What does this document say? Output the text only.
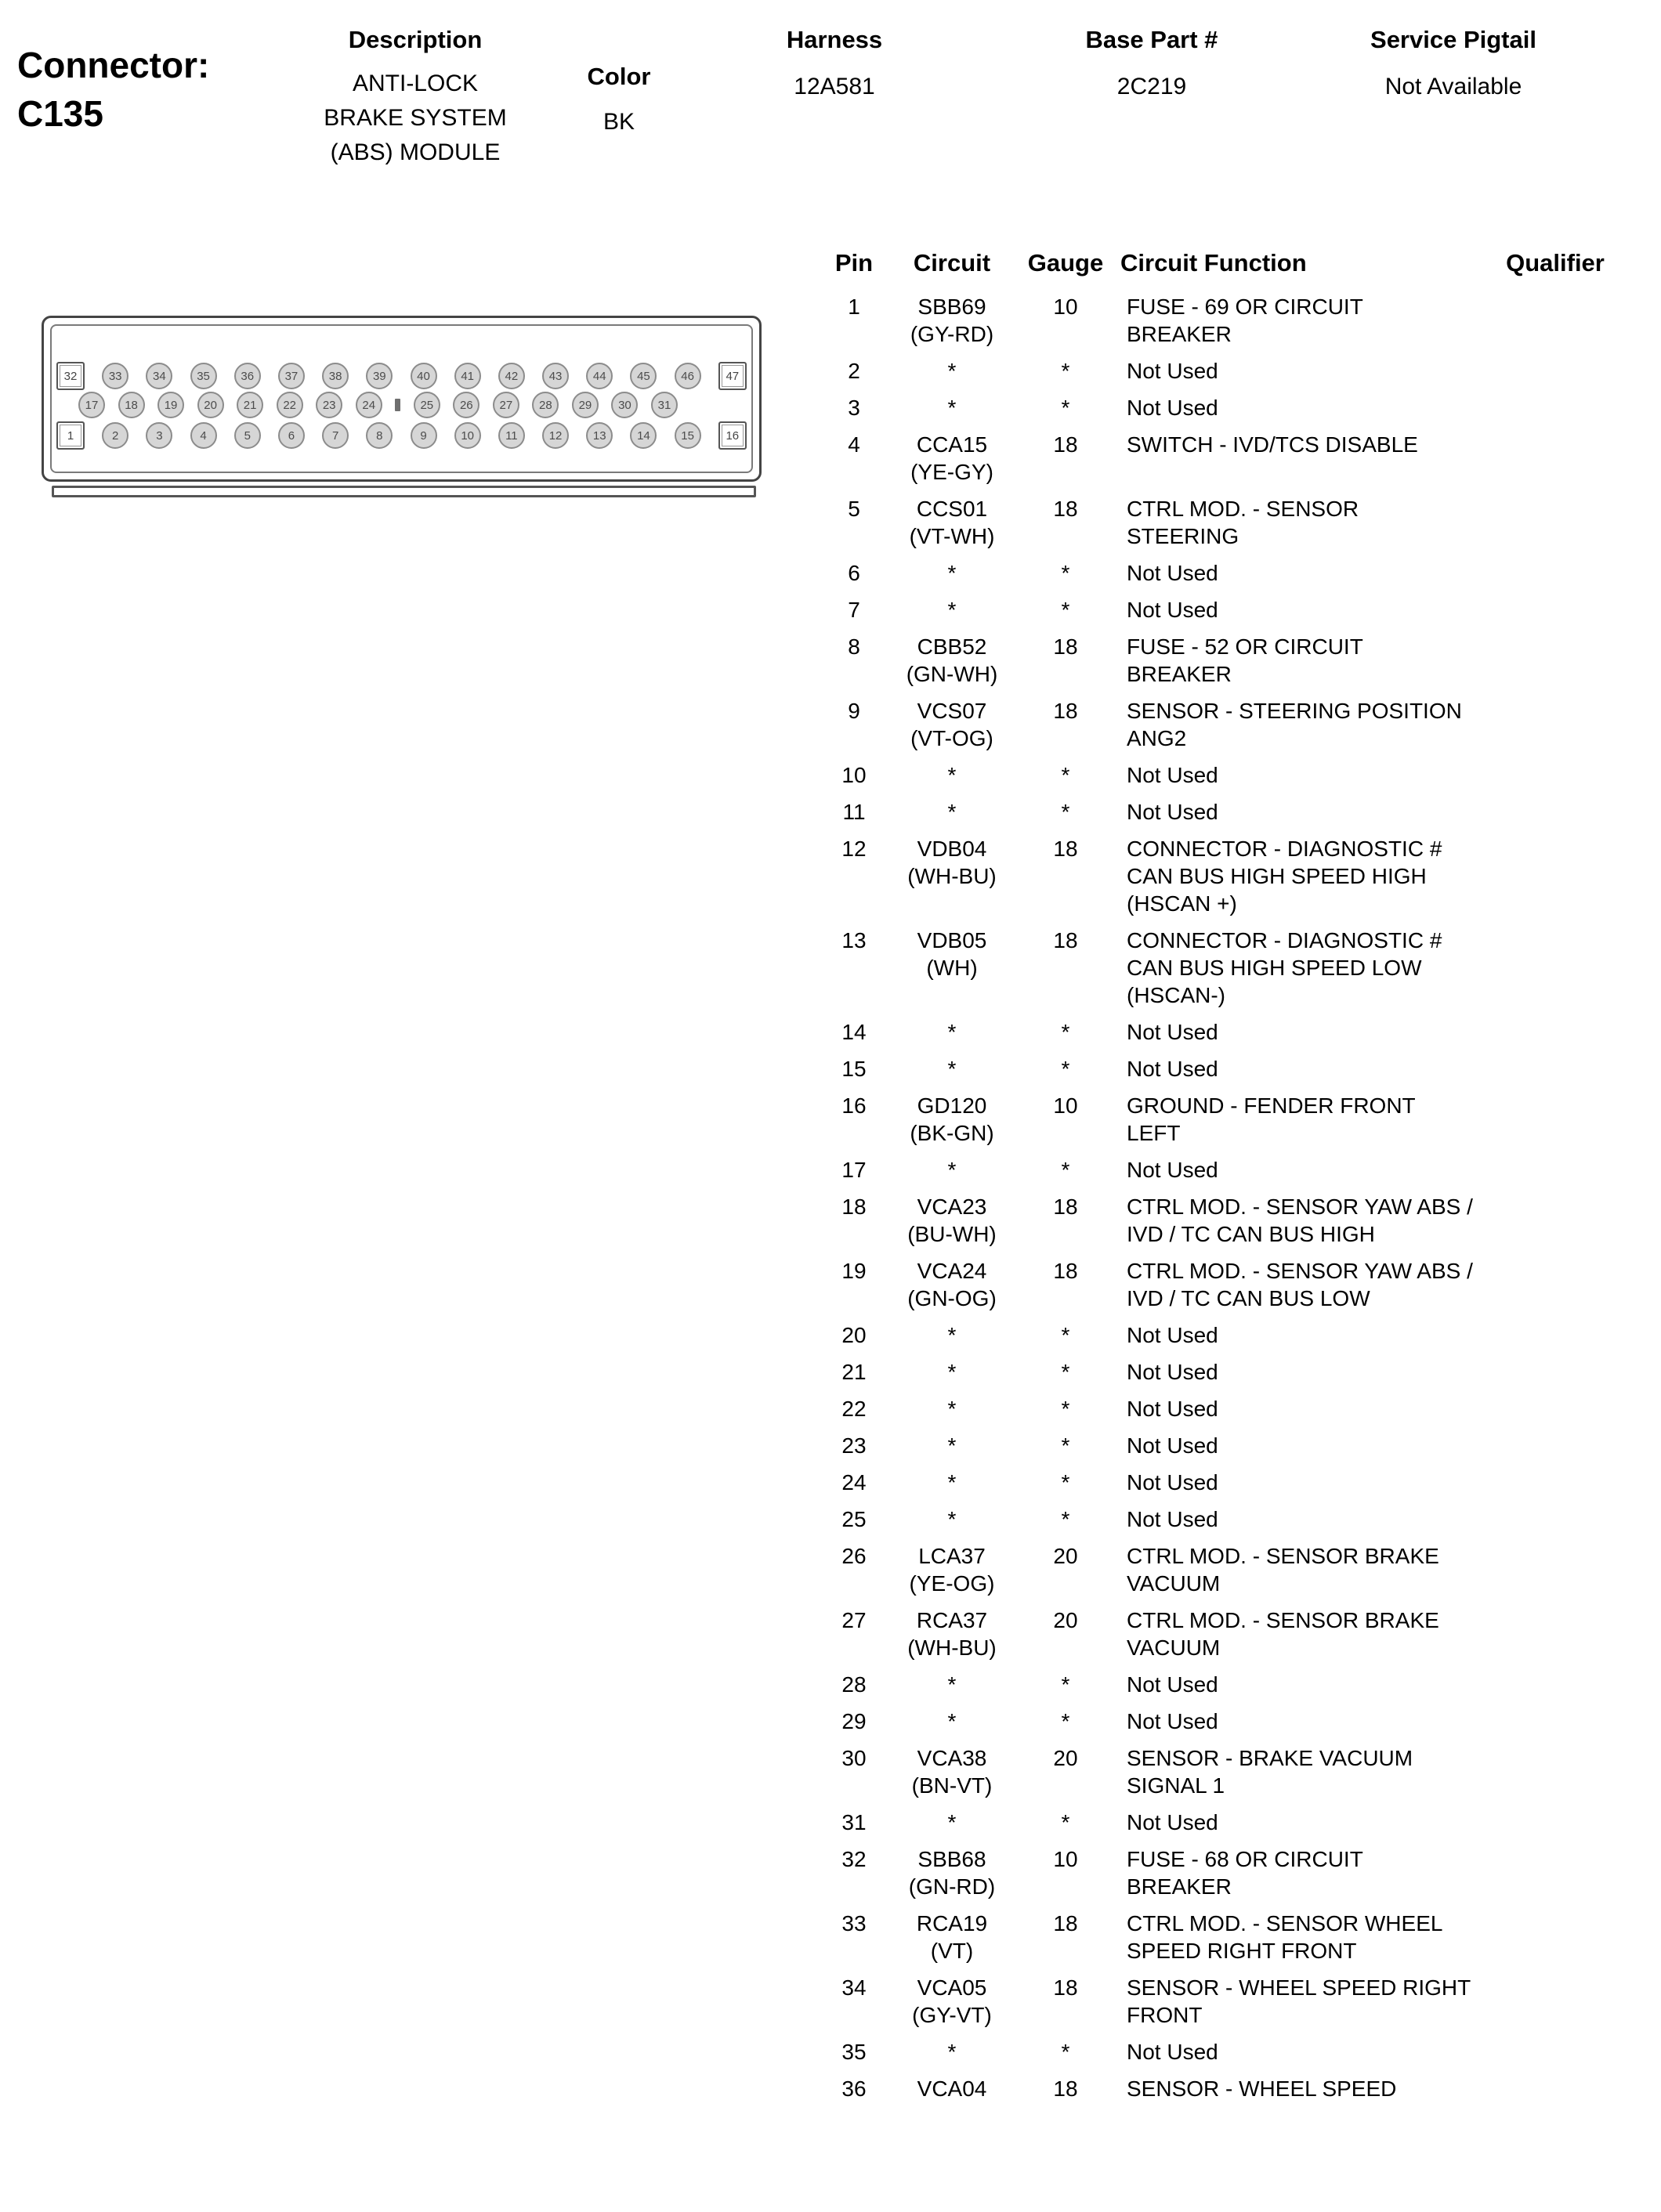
Connector:
C135
Description
ANTI-LOCK
BRAKE SYSTEM
(ABS) MODULE
Color
BK
Harness
12A581
Base Part #
2C219
Service Pigtail
Not Available
32	33	34	35	36	37	38	39	40	41	42	43	44	45	46	47
17	18	19	20	21	22	23	24	25	26	27	28	29	30	31
1	2	3	4	5	6	7	8	9	10	11	12	13	14	15	16
Pin	Circuit	Gauge	Circuit Function	Qualifier
1	SBB69
(GY-RD)	10	FUSE - 69 OR CIRCUIT BREAKER	
2	*	*	Not Used	
3	*	*	Not Used	
4	CCA15
(YE-GY)	18	SWITCH - IVD/TCS DISABLE	
5	CCS01
(VT-WH)	18	CTRL MOD. - SENSOR STEERING	
6	*	*	Not Used	
7	*	*	Not Used	
8	CBB52
(GN-WH)	18	FUSE - 52 OR CIRCUIT BREAKER	
9	VCS07
(VT-OG)	18	SENSOR - STEERING POSITION ANG2	
10	*	*	Not Used	
11	*	*	Not Used	
12	VDB04
(WH-BU)	18	CONNECTOR - DIAGNOSTIC # CAN BUS HIGH SPEED HIGH (HSCAN +)	
13	VDB05
(WH)	18	CONNECTOR - DIAGNOSTIC # CAN BUS HIGH SPEED LOW (HSCAN-)	
14	*	*	Not Used	
15	*	*	Not Used	
16	GD120
(BK-GN)	10	GROUND - FENDER FRONT LEFT	
17	*	*	Not Used	
18	VCA23
(BU-WH)	18	CTRL MOD. - SENSOR YAW ABS / IVD / TC CAN BUS HIGH	
19	VCA24
(GN-OG)	18	CTRL MOD. - SENSOR YAW ABS / IVD / TC CAN BUS LOW	
20	*	*	Not Used	
21	*	*	Not Used	
22	*	*	Not Used	
23	*	*	Not Used	
24	*	*	Not Used	
25	*	*	Not Used	
26	LCA37
(YE-OG)	20	CTRL MOD. - SENSOR BRAKE VACUUM	
27	RCA37
(WH-BU)	20	CTRL MOD. - SENSOR BRAKE VACUUM	
28	*	*	Not Used	
29	*	*	Not Used	
30	VCA38
(BN-VT)	20	SENSOR - BRAKE VACUUM SIGNAL 1	
31	*	*	Not Used	
32	SBB68
(GN-RD)	10	FUSE - 68 OR CIRCUIT BREAKER	
33	RCA19
(VT)	18	CTRL MOD. - SENSOR WHEEL SPEED RIGHT FRONT	
34	VCA05
(GY-VT)	18	SENSOR - WHEEL SPEED RIGHT FRONT	
35	*	*	Not Used	
36	VCA04	18	SENSOR - WHEEL SPEED	
